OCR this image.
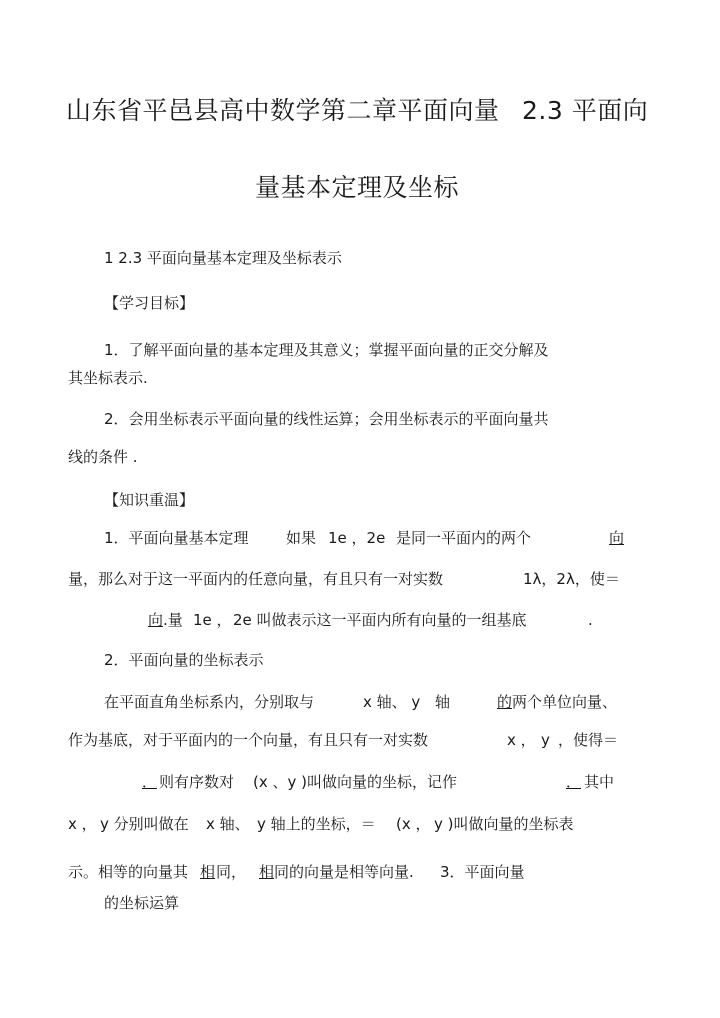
山东省平邑县高中数学第二章平面向量 2.3 平面向
量基本定理及坐标
1 2.3 平面向量基本定理及坐标表示
【学习目标】
1．了解平面向量的基本定理及其意义；掌握平面向量的正交分解及
其坐标表示.
2．会用坐标表示平面向量的线性运算；会用坐标表示的平面向量共
线的条件 .
【知识重温】
1．平面向量基本定理 如果 1e ，2e 是同一平面内的两个	向
量，那么对于这一平面内的任意向量，有且只有一对实数	1λ，2λ，使＝
向 .量 1e ， 2e 叫做表示这一平面内所有向量的一组基底	.
2．平面向量的坐标表示
在平面直角坐标系内，分别取与	x 轴、 y 轴	的 两个单位向量、
作为基底，对于平面内的一个向量，有且只有一对实数	x ， y ，使得＝
． 则有序数对 (x 、y )叫做向量的坐标，记作	． 其中
x ， y 分别叫做在 x 轴、 y 轴上的坐标，＝ (x ， y )叫做向量的坐标表
示。相等的向量其 相 同， 相 同的向量是相等向量. 3．平面向量
的坐标运算
